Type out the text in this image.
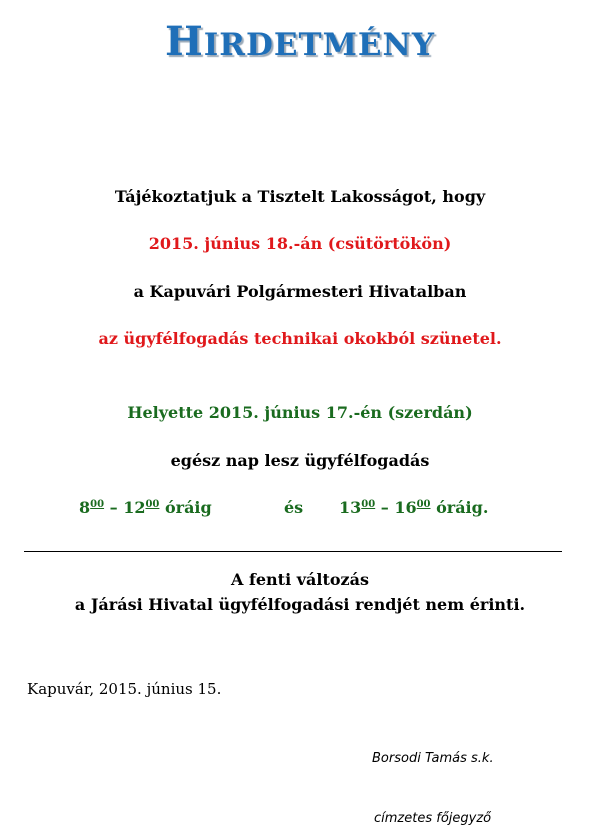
HIRDETMÉNY
Tájékoztatjuk a Tisztelt Lakosságot, hogy
2015. június 18.-án (csütörtökön)
a Kapuvári Polgármesteri Hivatalban
az ügyfélfogadás technikai okokból szünetel.
Helyette 2015. június 17.-én (szerdán)
egész nap lesz ügyfélfogadás
$8^{00} - 12^{00}$ óráig	és $13^{00} - 16^{00}$ óráig.
A fenti változás
a Járási Hivatal ügyfélfogadási rendjét nem érinti.
Kapuvár, 2015. június 15.
Borsodi Tamás s.k.
címzetes főjegyző
